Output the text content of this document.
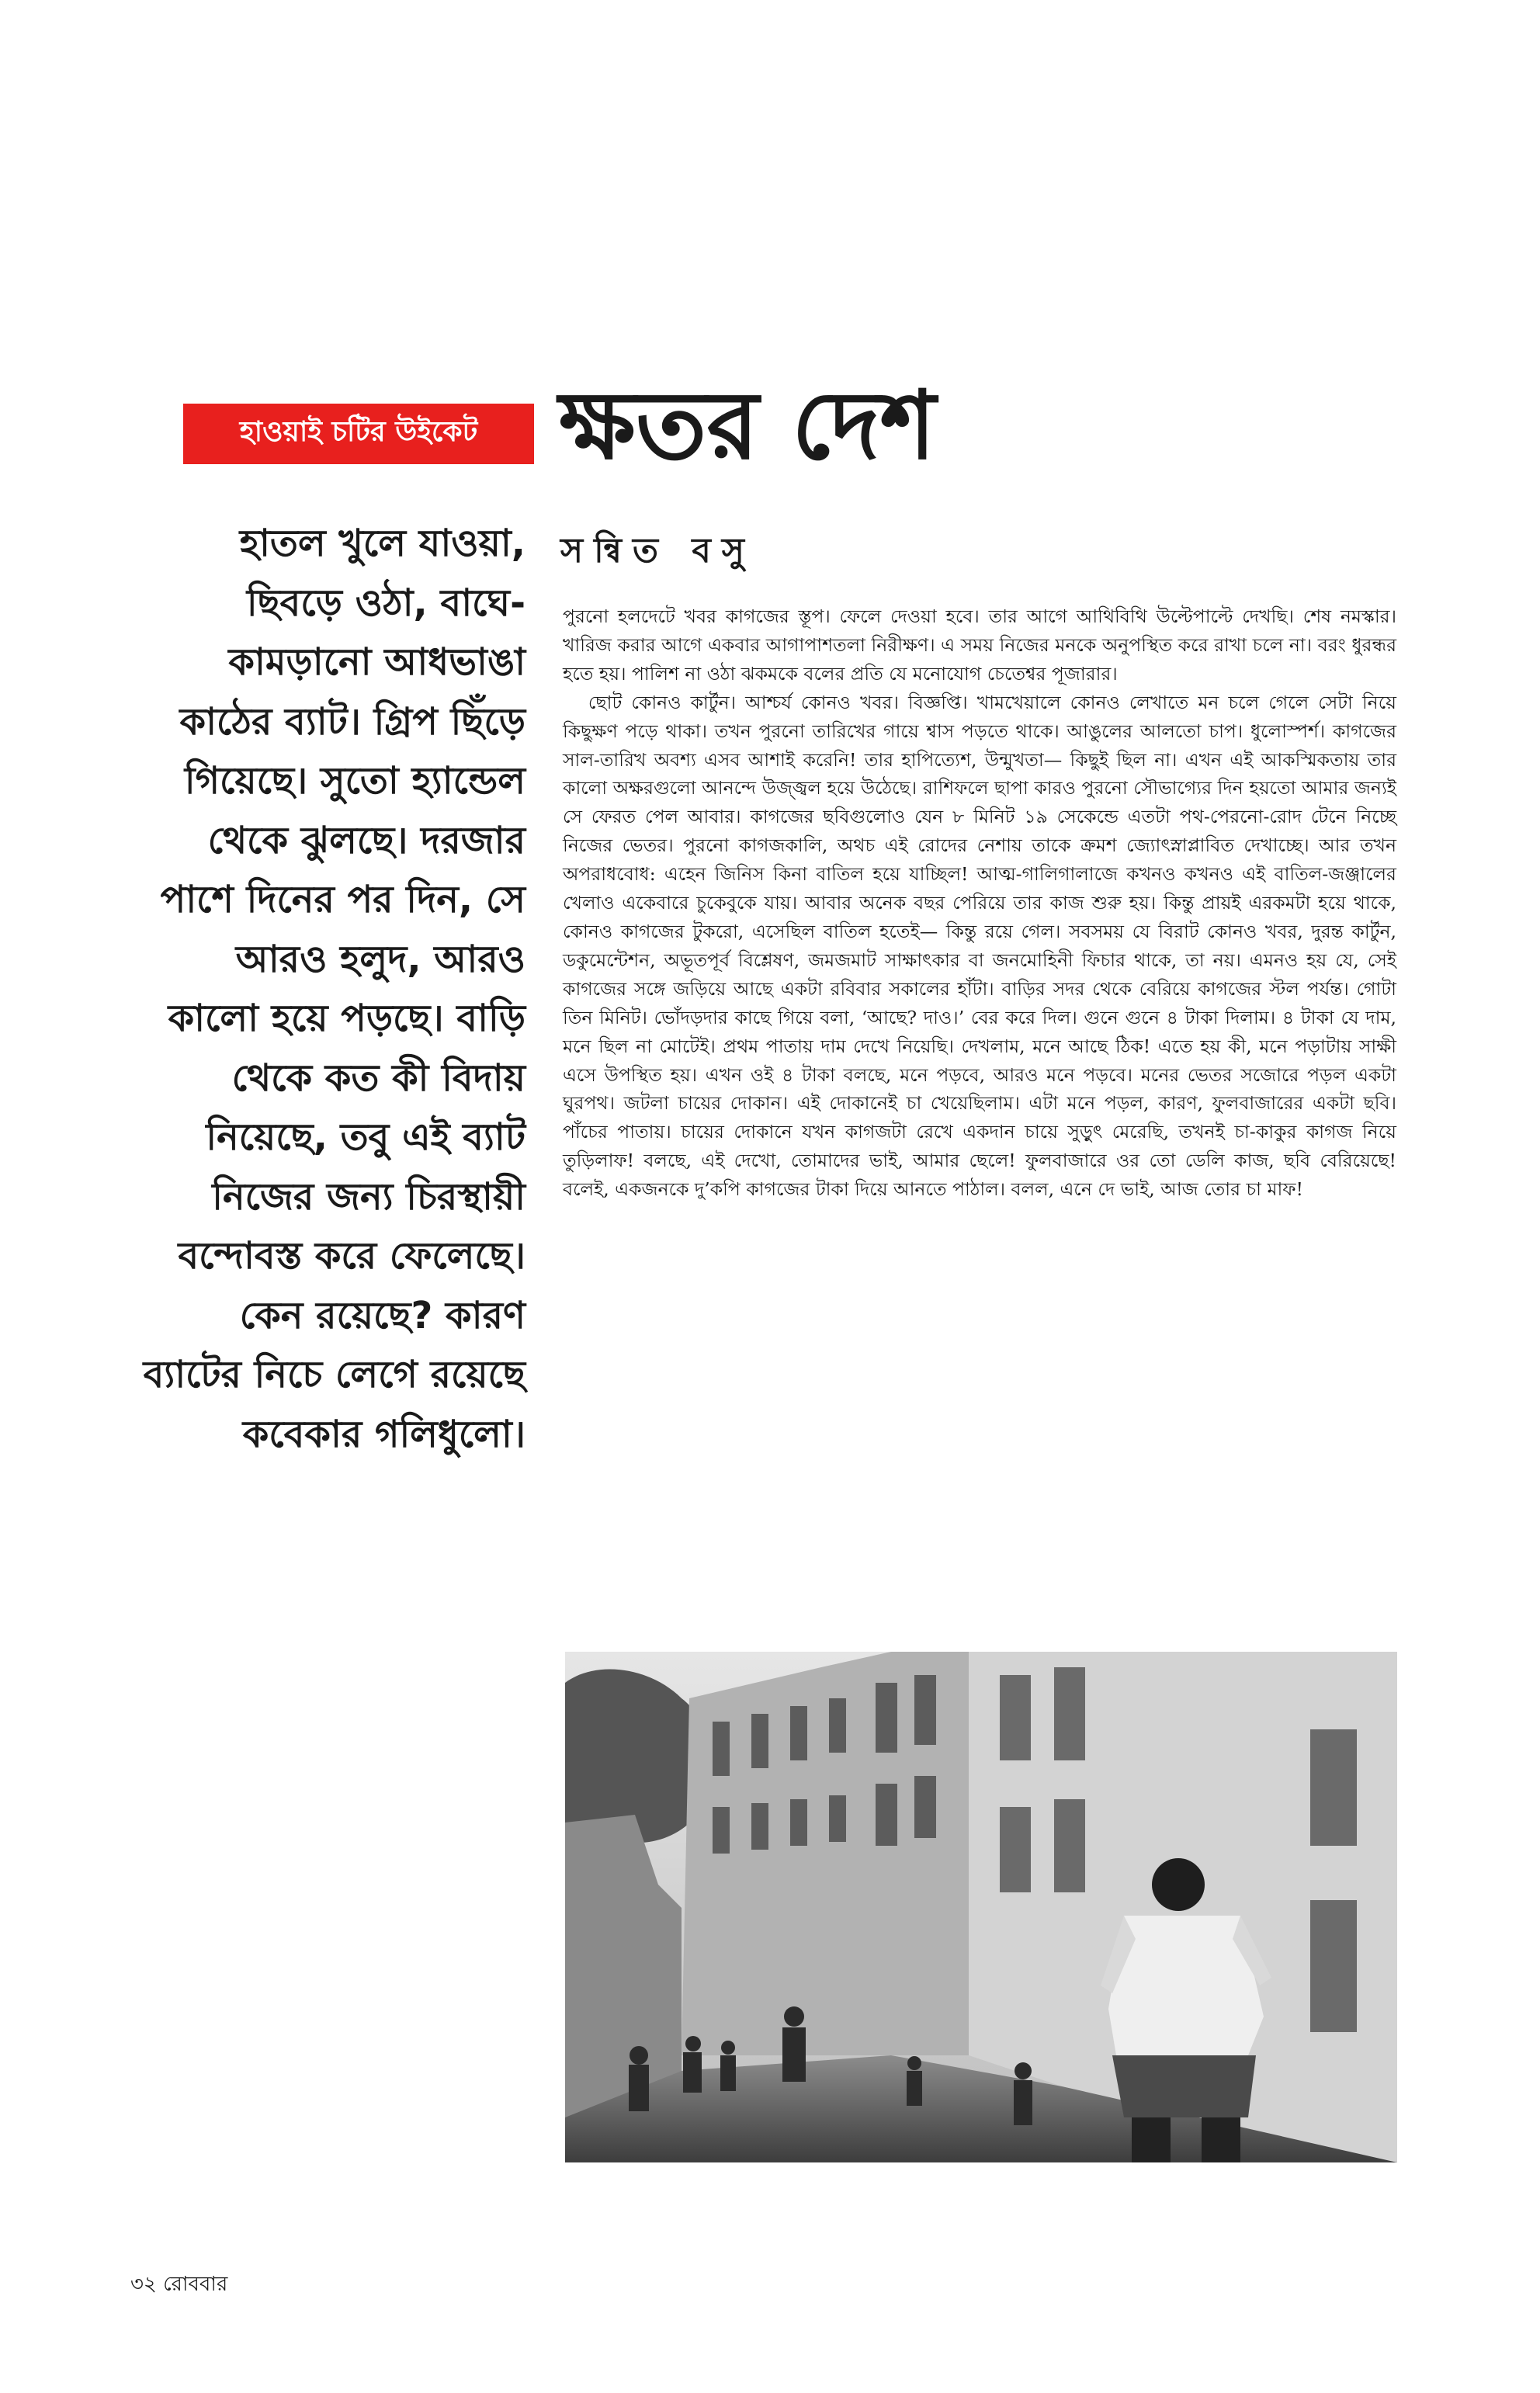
হাওয়াই চটির উইকেট ক্ষতর দেশ
সন্বিত বসু
হাতল খুলে যাওয়া, ছিবড়ে ওঠা, বাঘে-কামড়ানো আধভাঙা কাঠের ব্যাট। গ্রিপ ছিঁড়ে গিয়েছে। সুতো হ্যান্ডেল থেকে ঝুলছে। দরজার পাশে দিনের পর দিন, সে আরও হলুদ, আরও কালো হয়ে পড়ছে। বাড়ি থেকে কত কী বিদায় নিয়েছে, তবু এই ব্যাট নিজের জন্য চিরস্থায়ী বন্দোবস্ত করে ফেলেছে। কেন রয়েছে? কারণ ব্যাটের নিচে লেগে রয়েছে কবেকার গলিধুলো।

পুরনো হলদেটে খবর কাগজের স্তূপ। ফেলে দেওয়া হবে। তার আগে আথিবিথি উল্টেপাল্টে দেখছি। শেষ নমস্কার। খারিজ করার আগে একবার আগাপাশতলা নিরীক্ষণ। এ সময় নিজের মনকে অনুপস্থিত করে রাখা চলে না। বরং ধুরন্ধর হতে হয়। পালিশ না ওঠা ঝকমকে বলের প্রতি যে মনোযোগ চেতেশ্বর পূজারার।

ছোট কোনও কার্টুন। আশ্চর্য কোনও খবর। বিজ্ঞপ্তি। খামখেয়ালে কোনও লেখাতে মন চলে গেলে সেটা নিয়ে কিছুক্ষণ পড়ে থাকা। তখন পুরনো তারিখের গায়ে শ্বাস পড়তে থাকে। আঙুলের আলতো চাপ। ধুলোস্পর্শ। কাগজের সাল-তারিখ অবশ্য এসব আশাই করেনি! তার হাপিত্যেশ, উন্মুখতা— কিছুই ছিল না। এখন এই আকস্মিকতায় তার কালো অক্ষরগুলো আনন্দে উজ্জ্বল হয়ে উঠেছে। রাশিফলে ছাপা কারও পুরনো সৌভাগ্যের দিন হয়তো আমার জন্যই সে ফেরত পেল আবার। কাগজের ছবিগুলোও যেন ৮ মিনিট ১৯ সেকেন্ডে এতটা পথ-পেরনো-রোদ টেনে নিচ্ছে নিজের ভেতর। পুরনো কাগজকালি, অথচ এই রোদের নেশায় তাকে ক্রমশ জ্যোৎস্নাপ্লাবিত দেখাচ্ছে। আর তখন অপরাধবোধ: এহেন জিনিস কিনা বাতিল হয়ে যাচ্ছিল! আত্ম-গালিগালাজে কখনও কখনও এই বাতিল-জঞ্জালের খেলাও একেবারে চুকেবুকে যায়। আবার অনেক বছর পেরিয়ে তার কাজ শুরু হয়। কিন্তু প্রায়ই এরকমটা হয়ে থাকে, কোনও কাগজের টুকরো, এসেছিল বাতিল হতেই— কিন্তু রয়ে গেল। সবসময় যে বিরাট কোনও খবর, দুরন্ত কার্টুন, ডকুমেন্টেশন, অভূতপূর্ব বিশ্লেষণ, জমজমাট সাক্ষাৎকার বা জনমোহিনী ফিচার থাকে, তা নয়। এমনও হয় যে, সেই কাগজের সঙ্গে জড়িয়ে আছে একটা রবিবার সকালের হাঁটা। বাড়ির সদর থেকে বেরিয়ে কাগজের স্টল পর্যন্ত। গোটা তিন মিনিট। ভোঁদড়দার কাছে গিয়ে বলা, ‘আছে? দাও।’ বের করে দিল। গুনে গুনে ৪ টাকা দিলাম। ৪ টাকা যে দাম, মনে ছিল না মোটেই। প্রথম পাতায় দাম দেখে নিয়েছি। দেখলাম, মনে আছে ঠিক! এতে হয় কী, মনে পড়াটায় সাক্ষী এসে উপস্থিত হয়। এখন ওই ৪ টাকা বলছে, মনে পড়বে, আরও মনে পড়বে। মনের ভেতর সজোরে পড়ল একটা ঘুরপথ। জটলা চায়ের দোকান। এই দোকানেই চা খেয়েছিলাম। এটা মনে পড়ল, কারণ, ফুলবাজারের একটা ছবি। পাঁচের পাতায়। চায়ের দোকানে যখন কাগজটা রেখে একদান চায়ে সুড়ুৎ মেরেছি, তখনই চা-কাকুর কাগজ নিয়ে তুড়িলাফ! বলছে, এই দেখো, তোমাদের ভাই, আমার ছেলে! ফুলবাজারে ওর তো ডেলি কাজ, ছবি বেরিয়েছে! বলেই, একজনকে দু’কপি কাগজের টাকা দিয়ে আনতে পাঠাল। বলল, এনে দে ভাই, আজ তোর চা মাফ!

৩২ রোববার
